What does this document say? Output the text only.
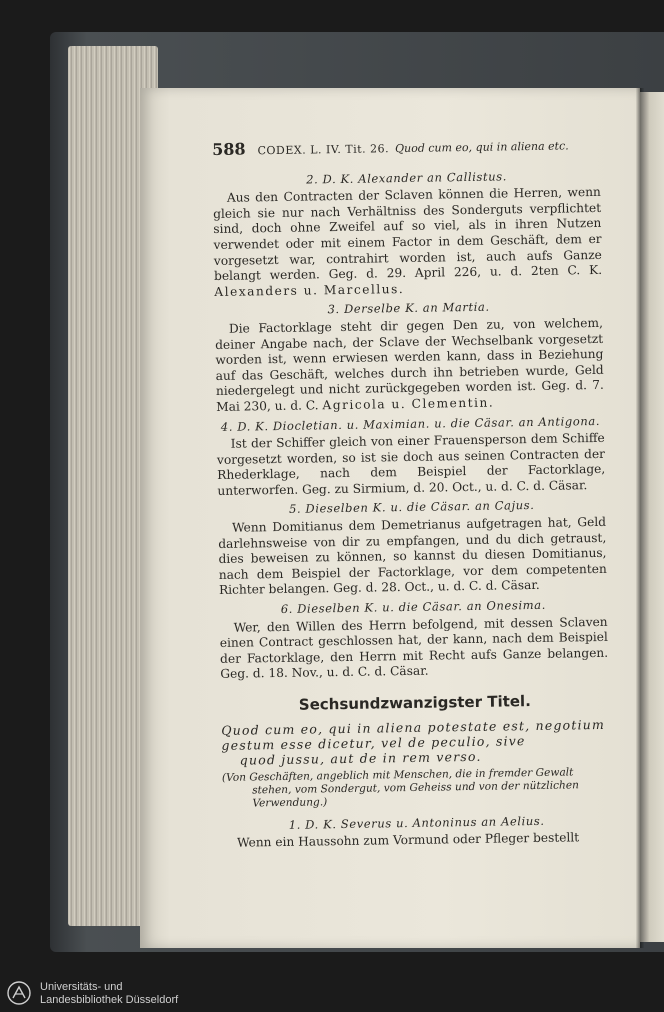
588 CODEX. L. IV. Tit. 26. Quod cum eo, qui in aliena etc.
2. D. K. Alexander an Callistus.

Aus den Contracten der Sclaven können die Herren, wenn gleich sie nur nach Verhältniss des Sonderguts verpflichtet sind, doch ohne Zweifel auf so viel, als in ihren Nutzen verwendet oder mit einem Factor in dem Geschäft, dem er vorgesetzt war, contrahirt worden ist, auch aufs Ganze belangt werden. Geg. d. 29. April 226, u. d. 2ten C. K. Alexanders u. Marcellus.

3. Derselbe K. an Martia.

Die Factorklage steht dir gegen Den zu, von welchem, deiner Angabe nach, der Sclave der Wechselbank vorgesetzt worden ist, wenn erwiesen werden kann, dass in Beziehung auf das Geschäft, welches durch ihn betrieben wurde, Geld niedergelegt und nicht zurückgegeben worden ist. Geg. d. 7. Mai 230, u. d. C. Agricola u. Clementin.

4. D. K. Diocletian. u. Maximian. u. die Cäsar. an Antigona.

Ist der Schiffer gleich von einer Frauensperson dem Schiffe vorgesetzt worden, so ist sie doch aus seinen Contracten der Rhederklage, nach dem Beispiel der Factorklage, unterworfen. Geg. zu Sirmium, d. 20. Oct., u. d. C. d. Cäsar.

5. Dieselben K. u. die Cäsar. an Cajus.

Wenn Domitianus dem Demetrianus aufgetragen hat, Geld darlehnsweise von dir zu empfangen, und du dich getraust, dies beweisen zu können, so kannst du diesen Domitianus, nach dem Beispiel der Factorklage, vor dem competenten Richter belangen. Geg. d. 28. Oct., u. d. C. d. Cäsar.

6. Dieselben K. u. die Cäsar. an Onesima.

Wer, den Willen des Herrn befolgend, mit dessen Sclaven einen Contract geschlossen hat, der kann, nach dem Beispiel der Factorklage, den Herrn mit Recht aufs Ganze belangen. Geg. d. 18. Nov., u. d. C. d. Cäsar.

Sechsundzwanzigster Titel.

Quod cum eo, qui in aliena potestate est, negotium gestum esse dicetur, vel de peculio, sive
quod jussu, aut de in rem verso.

(Von Geschäften, angeblich mit Menschen, die in fremder Gewalt
stehen, vom Sondergut, vom Geheiss und von der nützlichen Verwendung.)

1. D. K. Severus u. Antoninus an Aelius.

Wenn ein Haussohn zum Vormund oder Pfleger bestellt

Universitäts- und
Landesbibliothek Düsseldorf
